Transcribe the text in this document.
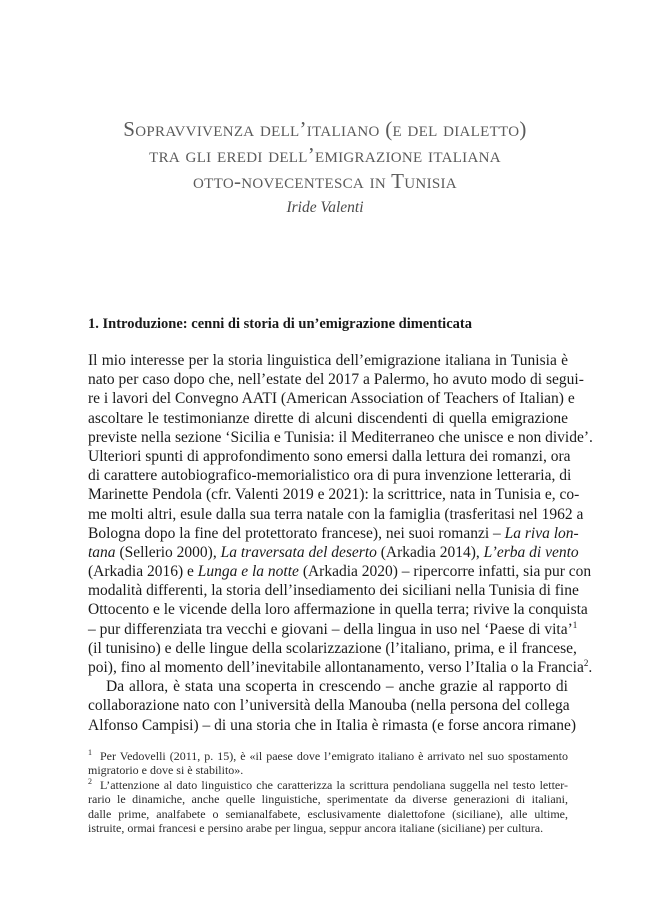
Sopravvivenza dell’italiano (e del dialetto)
tra gli eredi dell’emigrazione italiana
otto-novecentesca in Tunisia
Iride Valenti
1. Introduzione: cenni di storia di un’emigrazione dimenticata
Il mio interesse per la storia linguistica dell’emigrazione italiana in Tunisia è
nato per caso dopo che, nell’estate del 2017 a Palermo, ho avuto modo di segui-
re i lavori del Convegno AATI (American Association of Teachers of Italian) e
ascoltare le testimonianze dirette di alcuni discendenti di quella emigrazione
previste nella sezione ‘Sicilia e Tunisia: il Mediterraneo che unisce e non divide’.
Ulteriori spunti di approfondimento sono emersi dalla lettura dei romanzi, ora
di carattere autobiografico-memorialistico ora di pura invenzione letteraria, di
Marinette Pendola (cfr. Valenti 2019 e 2021): la scrittrice, nata in Tunisia e, co-
me molti altri, esule dalla sua terra natale con la famiglia (trasferitasi nel 1962 a
Bologna dopo la fine del protettorato francese), nei suoi romanzi – La riva lon-
tana (Sellerio 2000), La traversata del deserto (Arkadia 2014), L’erba di vento
(Arkadia 2016) e Lunga e la notte (Arkadia 2020) – ripercorre infatti, sia pur con
modalità differenti, la storia dell’insediamento dei siciliani nella Tunisia di fine
Ottocento e le vicende della loro affermazione in quella terra; rivive la conquista
– pur differenziata tra vecchi e giovani – della lingua in uso nel ‘Paese di vita’$^1$
(il tunisino) e delle lingue della scolarizzazione (l’italiano, prima, e il francese,
poi), fino al momento dell’inevitabile allontanamento, verso l’Italia o la Francia$^2$.
Da allora, è stata una scoperta in crescendo – anche grazie al rapporto di
collaborazione nato con l’università della Manouba (nella persona del collega
Alfonso Campisi) – di una storia che in Italia è rimasta (e forse ancora rimane)
$^1$ Per Vedovelli (2011, p. 15), è «il paese dove l’emigrato italiano è arrivato nel suo spostamento
migratorio e dove si è stabilito».
$^2$ L’attenzione al dato linguistico che caratterizza la scrittura pendoliana suggella nel testo letter-
rario le dinamiche, anche quelle linguistiche, sperimentate da diverse generazioni di italiani,
dalle prime, analfabete o semianalfabete, esclusivamente dialettofone (siciliane), alle ultime,
istruite, ormai francesi e persino arabe per lingua, seppur ancora italiane (siciliane) per cultura.
